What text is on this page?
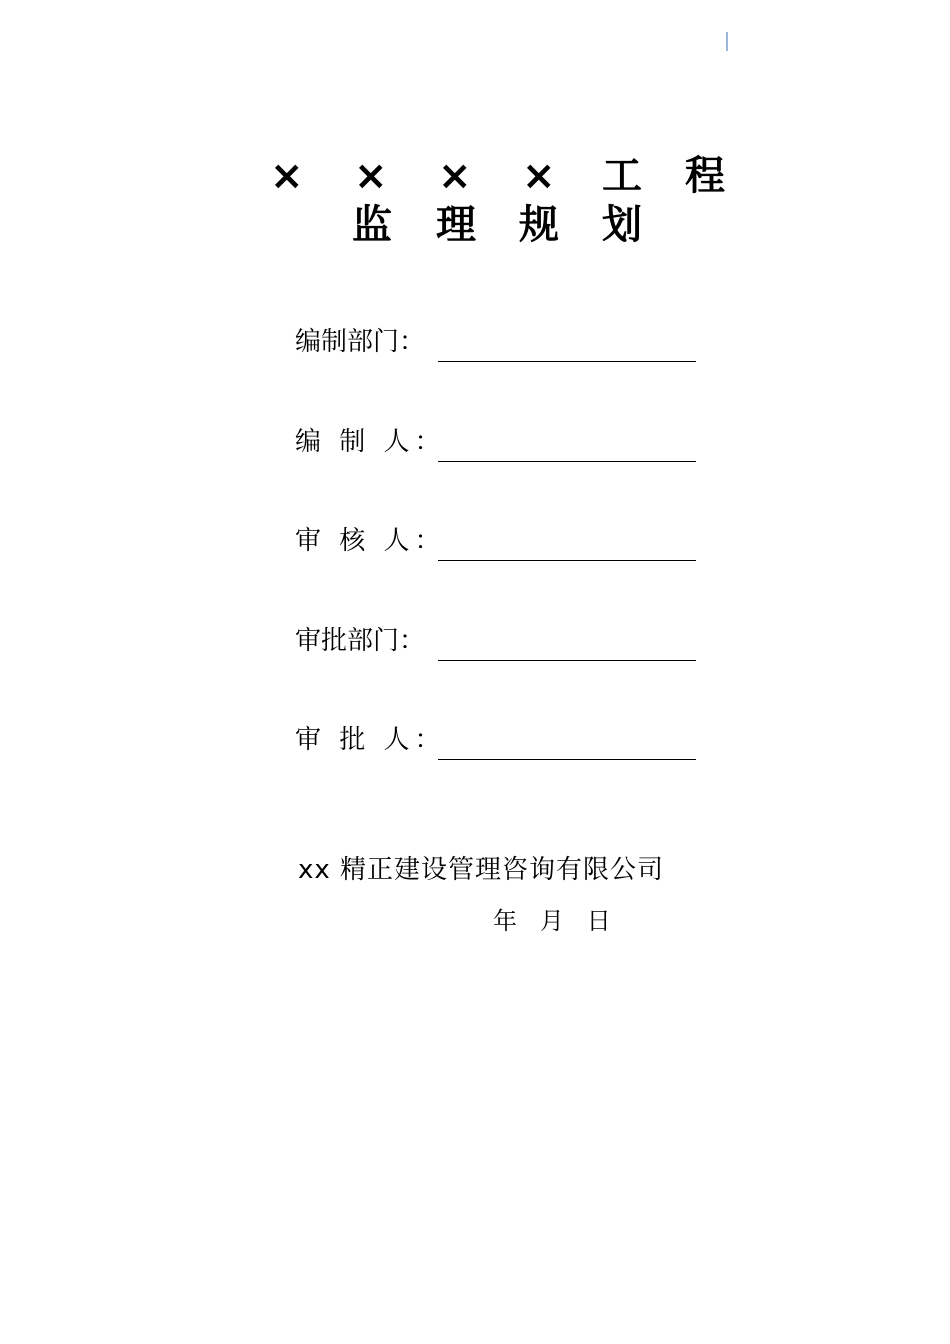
× × × × 工 程
监 理 规 划
编制部门：
编 制 人：
审 核 人：
审批部门：
审 批 人：
xx 精正建设管理咨询有限公司
年   月   日
